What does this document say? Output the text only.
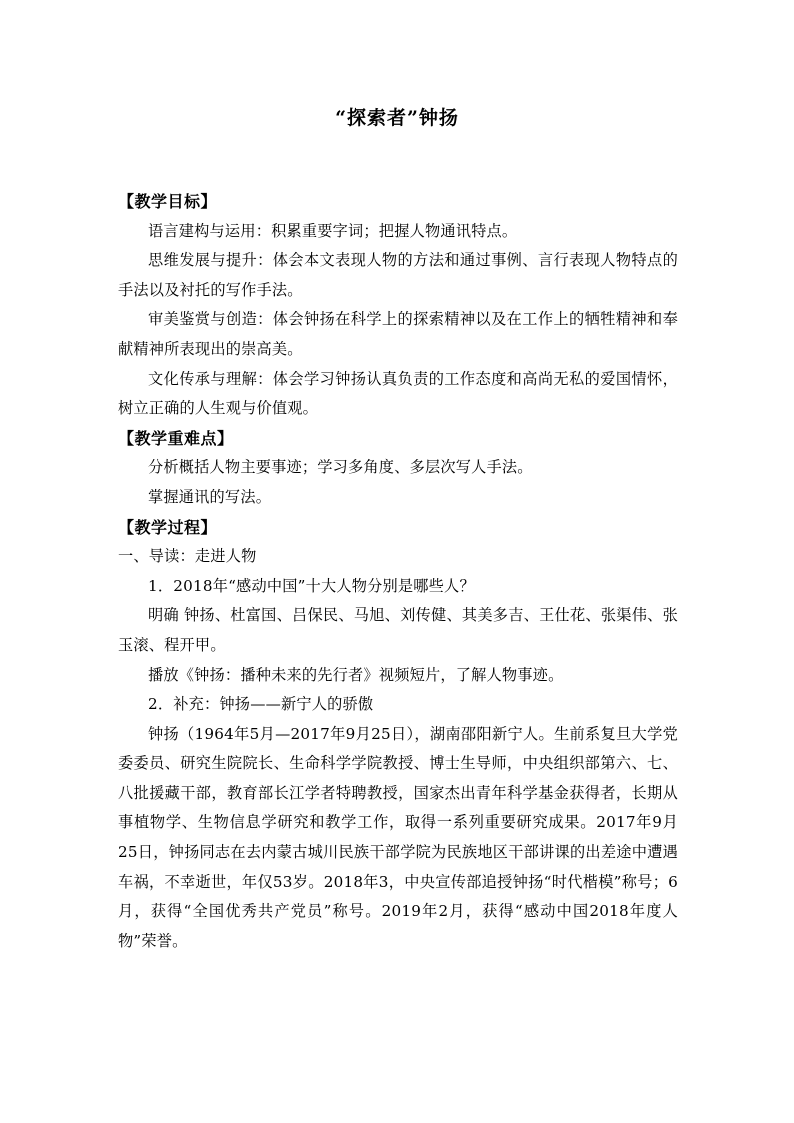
“探索者”钟扬

【教学目标】

语言建构与运用：积累重要字词；把握人物通讯特点。

思维发展与提升：体会本文表现人物的方法和通过事例、言行表现人物特点的手法以及衬托的写作手法。

审美鉴赏与创造：体会钟扬在科学上的探索精神以及在工作上的牺牲精神和奉献精神所表现出的崇高美。

文化传承与理解：体会学习钟扬认真负责的工作态度和高尚无私的爱国情怀，树立正确的人生观与价值观。

【教学重难点】

分析概括人物主要事迹；学习多角度、多层次写人手法。

掌握通讯的写法。

【教学过程】

一、导读：走进人物

1．2018年“感动中国”十大人物分别是哪些人？

明确 钟扬、杜富国、吕保民、马旭、刘传健、其美多吉、王仕花、张渠伟、张玉滚、程开甲。

播放《钟扬：播种未来的先行者》视频短片，了解人物事迹。

2．补充：钟扬——新宁人的骄傲

钟扬（1964年5月—2017年9月25日），湖南邵阳新宁人。生前系复旦大学党委委员、研究生院院长、生命科学学院教授、博士生导师，中央组织部第六、七、八批援藏干部，教育部长江学者特聘教授，国家杰出青年科学基金获得者，长期从事植物学、生物信息学研究和教学工作，取得一系列重要研究成果。2017年9月25日，钟扬同志在去内蒙古城川民族干部学院为民族地区干部讲课的出差途中遭遇车祸，不幸逝世，年仅53岁。2018年3，中央宣传部追授钟扬“时代楷模”称号；6月，获得“全国优秀共产党员”称号。2019年2月，获得“感动中国2018年度人物”荣誉。
